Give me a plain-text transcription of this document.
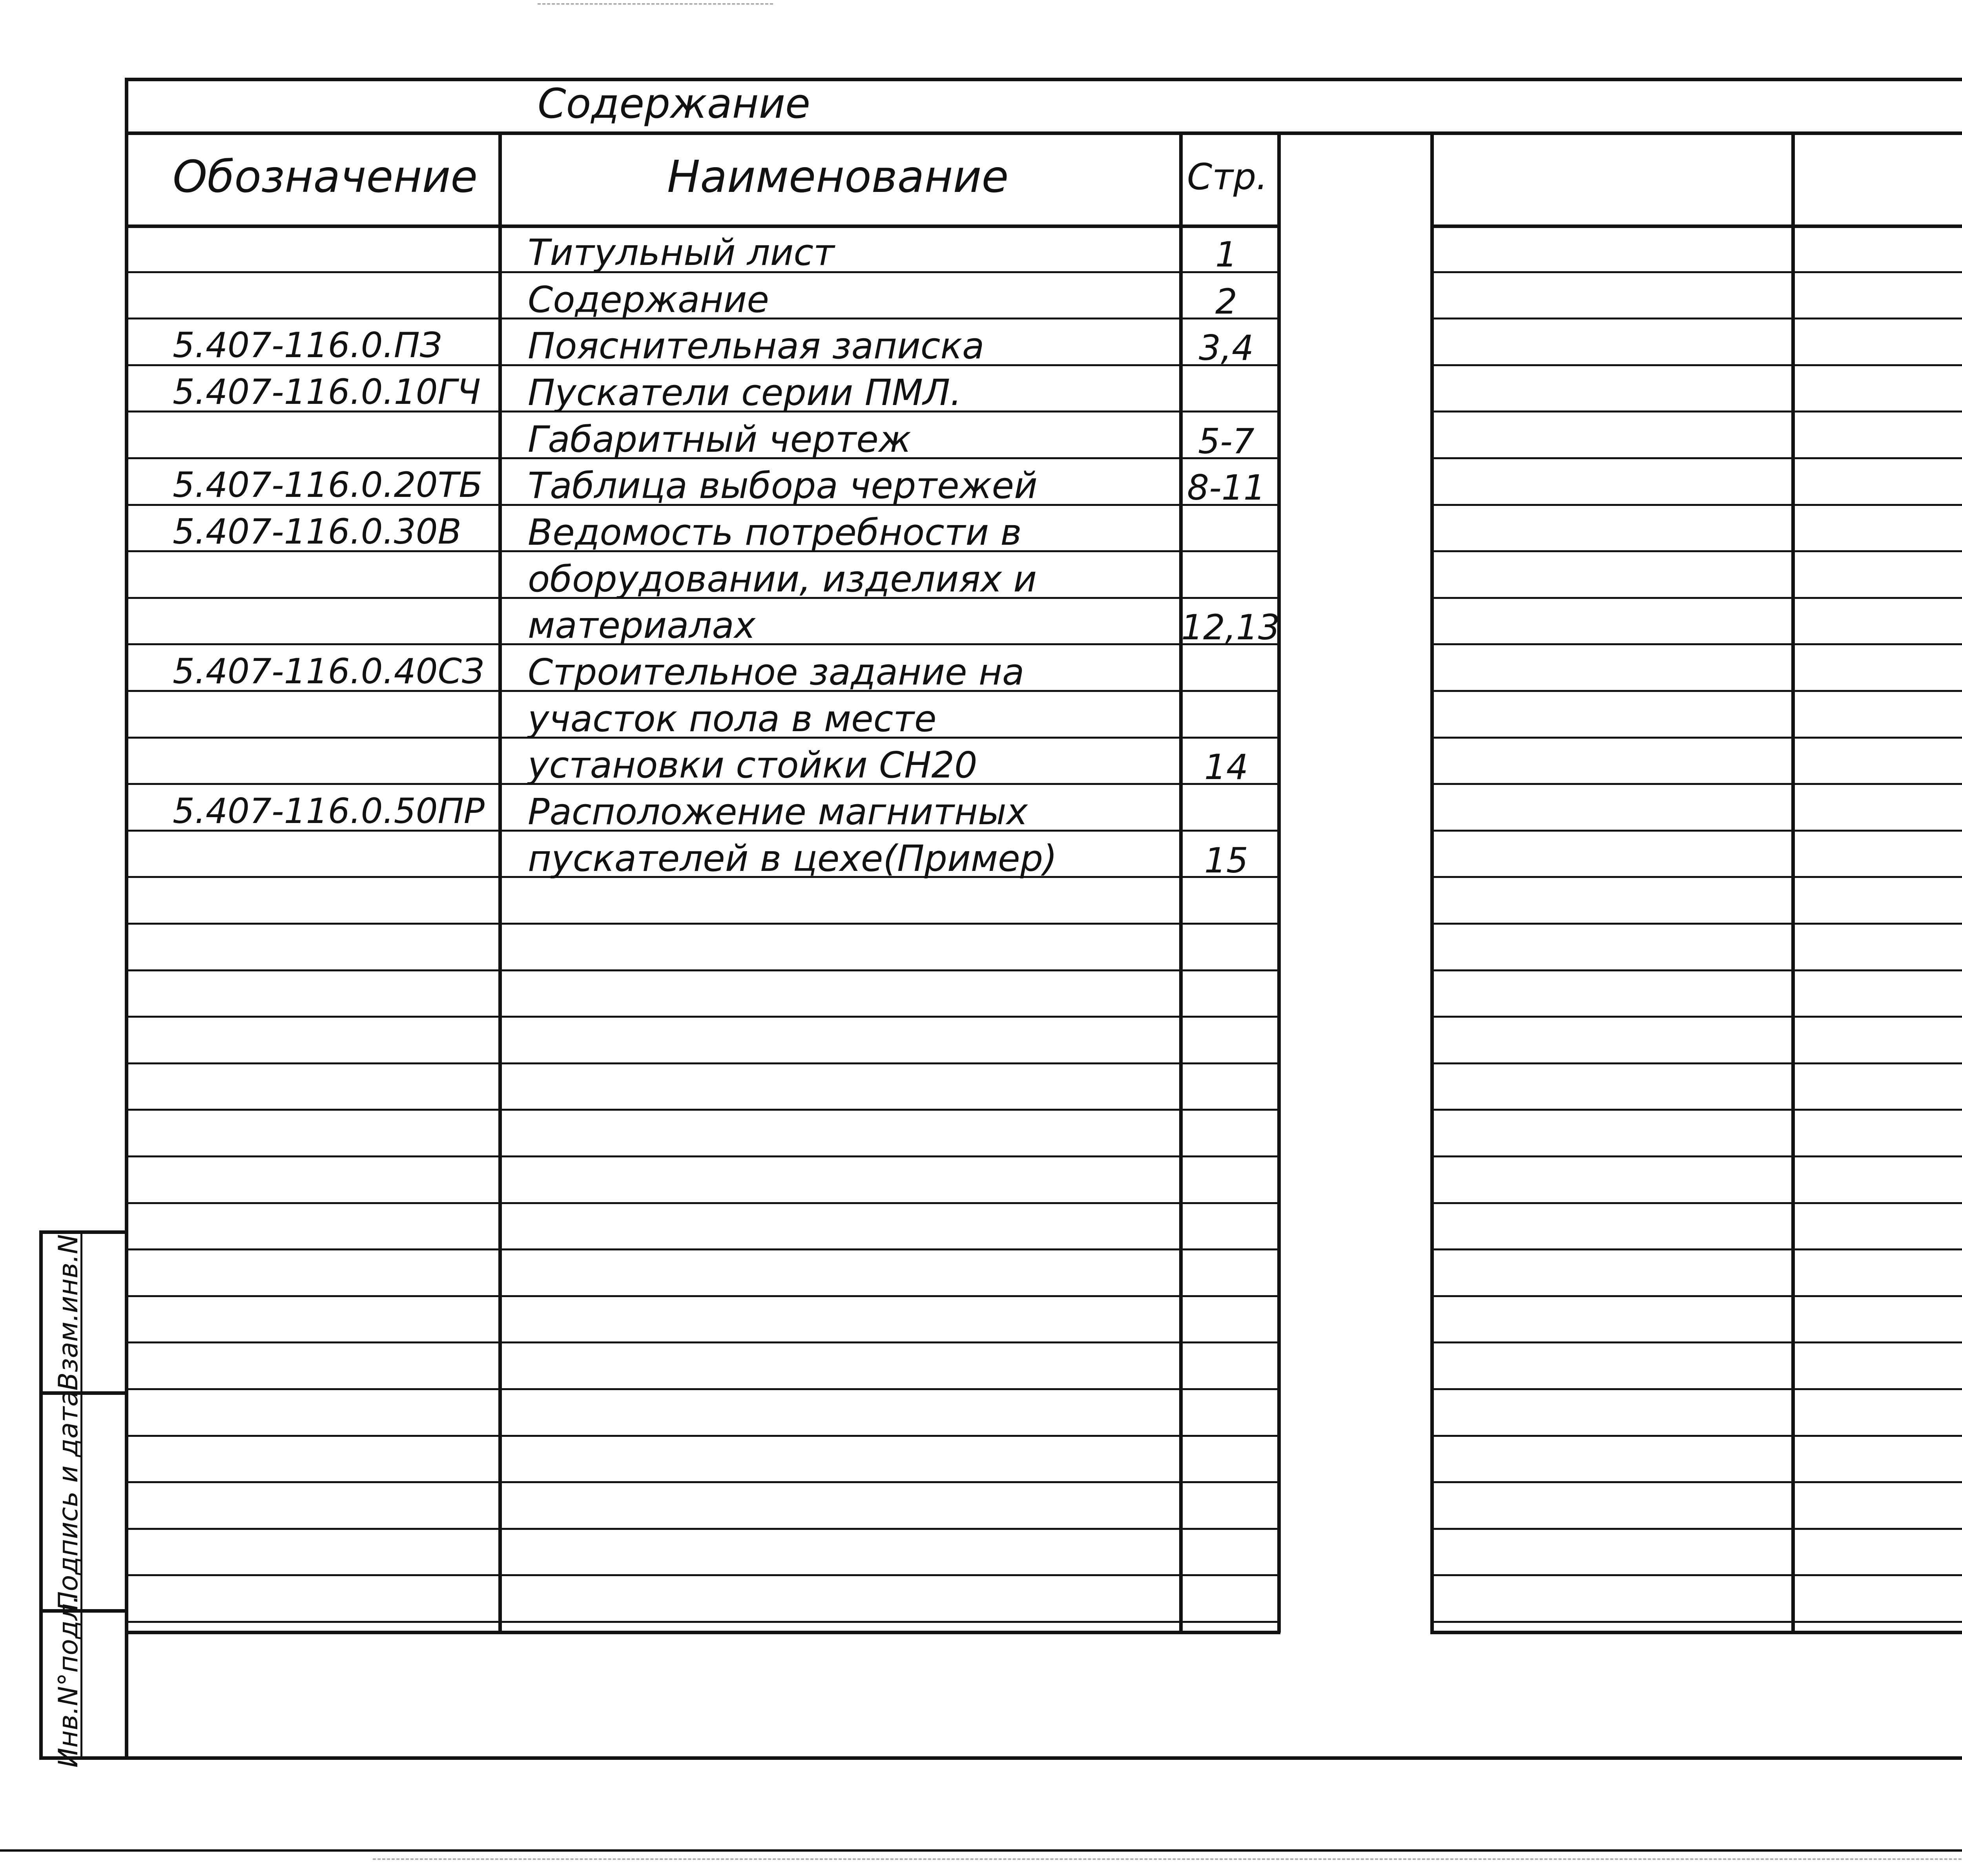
Содержание
Обозначение	Наименование	Стр.
Титульный лист	1
Содержание	2
5.407-116.0.ПЗ Пояснительная записка	3,4
5.407-116.0.10ГЧ Пускатели серии ПМЛ.
Габаритный чертеж	5-7
5.407-116.0.20ТБ Таблица выбора чертежей	8-11
5.407-116.0.30В Ведомость потребности в
оборудовании, изделиях и
материалах	12,13
5.407-116.0.40СЗ Строительное задание на
участок пола в месте
установки стойки СН20	14
5.407-116.0.50ПР Расположение магнитных
пускателей в цехе(Пример)	15
Взам.инв.N
Подпись и дата
Инв.N°подл.
